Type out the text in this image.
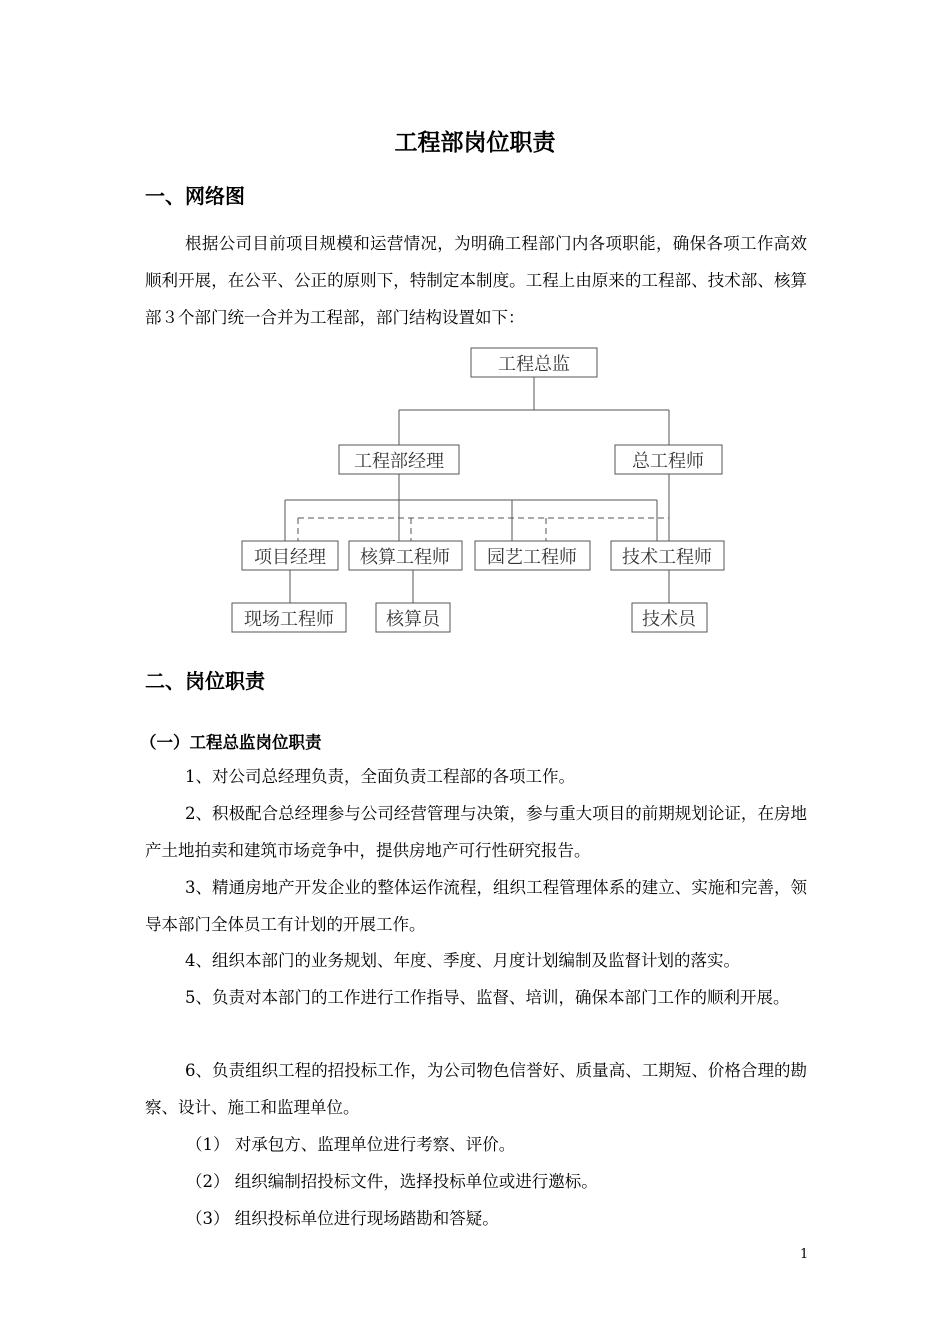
工程部岗位职责
一、网络图
根据公司目前项目规模和运营情况，为明确工程部门内各项职能，确保各项工作高效顺利开展，在公平、公正的原则下，特制定本制度。工程上由原来的工程部、技术部、核算部３个部门统一合并为工程部，部门结构设置如下：
工程总监
工程部经理	总工程师
项目经理 核算工程师 园艺工程师	技术工程师
现场工程师	核算员	技术员
二、岗位职责
（一）工程总监岗位职责
1、对公司总经理负责，全面负责工程部的各项工作。
2、积极配合总经理参与公司经营管理与决策，参与重大项目的前期规划论证，在房地产土地拍卖和建筑市场竞争中，提供房地产可行性研究报告。
3、精通房地产开发企业的整体运作流程，组织工程管理体系的建立、实施和完善，领导本部门全体员工有计划的开展工作。
4、组织本部门的业务规划、年度、季度、月度计划编制及监督计划的落实。
5、负责对本部门的工作进行工作指导、监督、培训，确保本部门工作的顺利开展。
6、负责组织工程的招投标工作，为公司物色信誉好、质量高、工期短、价格合理的勘察、设计、施工和监理单位。
（1） 对承包方、监理单位进行考察、评价。
（2） 组织编制招投标文件，选择投标单位或进行邀标。
（3） 组织投标单位进行现场踏勘和答疑。
1
